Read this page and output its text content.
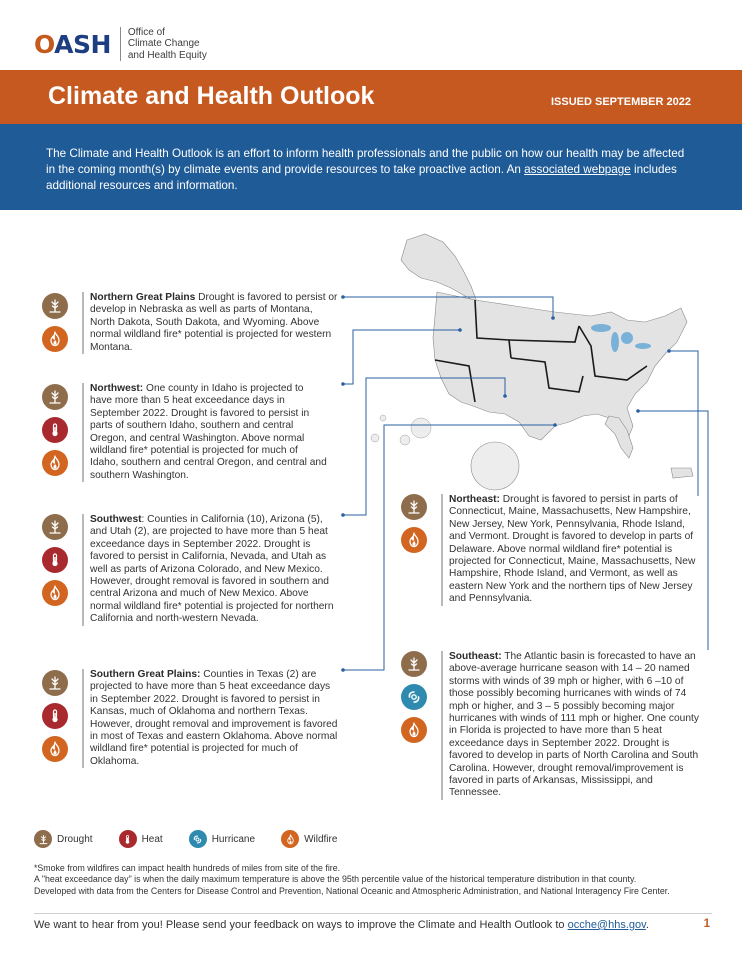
OASH Office of
Climate Change
and Health Equity
Climate and Health Outlook	ISSUED SEPTEMBER 2022

The Climate and Health Outlook is an effort to inform health professionals and the public on how our health may be affected in the coming month(s) by climate events and provide resources to take proactive action. An associated webpage includes additional resources and information.

Northern Great Plains Drought is favored to persist or develop in Nebraska as well as parts of Montana, North Dakota, South Dakota, and Wyoming. Above normal wildland fire* potential is projected for western Montana.
Northwest: One county in Idaho is projected to have more than 5 heat exceedance days in September 2022. Drought is favored to persist in parts of southern Idaho, southern and central Oregon, and central Washington. Above normal wildland fire* potential is projected for much of Idaho, southern and central Oregon, and central and southern Washington.
Southwest: Counties in California (10), Arizona (5), and Utah (2), are projected to have more than 5 heat exceedance days in September 2022. Drought is favored to persist in California, Nevada, and Utah as well as parts of Arizona Colorado, and New Mexico. However, drought removal is favored in southern and central Arizona and much of New Mexico. Above normal wildland fire* potential is projected for northern California and north-western Nevada.
Southern Great Plains: Counties in Texas (2) are projected to have more than 5 heat exceedance days in September 2022. Drought is favored to persist in Kansas, much of Oklahoma and northern Texas. However, drought removal and improvement is favored in most of Texas and eastern Oklahoma. Above normal wildland fire* potential is projected for much of Oklahoma.
Northeast: Drought is favored to persist in parts of Connecticut, Maine, Massachusetts, New Hampshire, New Jersey, New York, Pennsylvania, Rhode Island, and Vermont. Drought is favored to develop in parts of Delaware. Above normal wildland fire* potential is projected for Connecticut, Maine, Massachusetts, New Hampshire, Rhode Island, and Vermont, as well as eastern New York and the northern tips of New Jersey and Pennsylvania.
Southeast: The Atlantic basin is forecasted to have an above-average hurricane season with 14 – 20 named storms with winds of 39 mph or higher, with 6 –10 of those possibly becoming hurricanes with winds of 74 mph or higher, and 3 – 5 possibly becoming major hurricanes with winds of 111 mph or higher. One county in Florida is projected to have more than 5 heat exceedance days in September 2022. Drought is favored to develop in parts of North Carolina and South Carolina. However, drought removal/improvement is favored in parts of Arkansas, Mississippi, and Tennessee.
Drought	Heat	Hurricane	Wildfire
*Smoke from wildfires can impact health hundreds of miles from site of the fire.
A "heat exceedance day" is when the daily maximum temperature is above the 95th percentile value of the historical temperature distribution in that county.
Developed with data from the Centers for Disease Control and Prevention, National Oceanic and Atmospheric Administration, and National Interagency Fire Center.
We want to hear from you! Please send your feedback on ways to improve the Climate and Health Outlook to ocche@hhs.gov.	1
